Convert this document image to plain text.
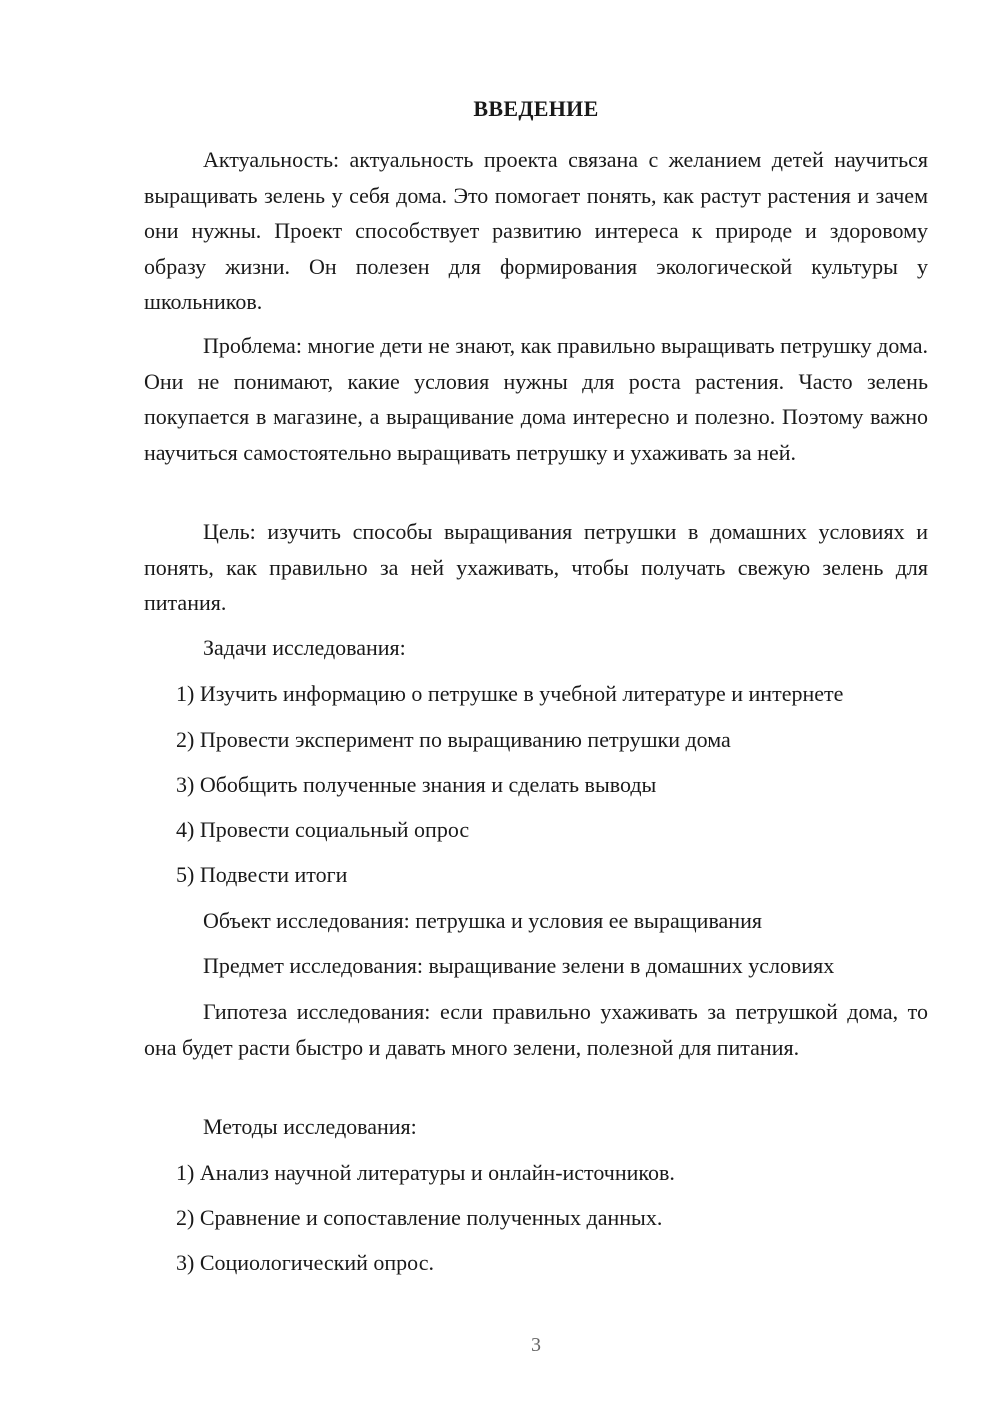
ВВЕДЕНИЕ

Актуальность: актуальность проекта связана с желанием детей научиться выращивать зелень у себя дома. Это помогает понять, как растут растения и зачем они нужны. Проект способствует развитию интереса к природе и здоровому образу жизни. Он полезен для формирования экологической культуры у школьников.

Проблема: многие дети не знают, как правильно выращивать петрушку дома. Они не понимают, какие условия нужны для роста растения. Часто зелень покупается в магазине, а выращивание дома интересно и полезно. Поэтому важно научиться самостоятельно выращивать петрушку и ухаживать за ней.

Цель: изучить способы выращивания петрушки в домашних условиях и понять, как правильно за ней ухаживать, чтобы получать свежую зелень для питания.

Задачи исследования:
1) Изучить информацию о петрушке в учебной литературе и интернете
2) Провести эксперимент по выращиванию петрушки дома
3) Обобщить полученные знания и сделать выводы
4) Провести социальный опрос
5) Подвести итоги
Объект исследования: петрушка и условия ее выращивания
Предмет исследования: выращивание зелени в домашних условиях

Гипотеза исследования: если правильно ухаживать за петрушкой дома, то она будет расти быстро и давать много зелени, полезной для питания.

Методы исследования:
1) Анализ научной литературы и онлайн-источников.
2) Сравнение и сопоставление полученных данных.
3) Социологический опрос.
3
